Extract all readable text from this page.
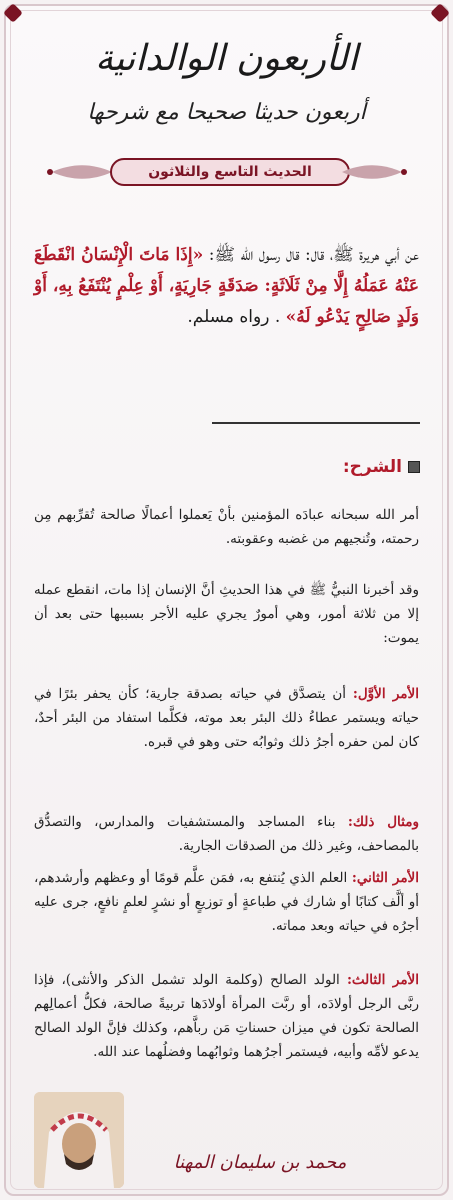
الأربعون الوالدانية
أربعون حديثا صحيحا مع شرحها
الحديث التاسع والثلاثون
عن أبي هريرة ﷺ، قال: قال رسول الله ﷺ: «إِذَا مَاتَ الْإِنْسَانُ انْقَطَعَ عَنْهُ عَمَلُهُ إِلَّا مِنْ ثَلَاثَةٍ: صَدَقَةٍ جَارِيَةٍ، أَوْ عِلْمٍ يُنْتَفَعُ بِهِ، أَوْ وَلَدٍ صَالِحٍ يَدْعُو لَهُ» . رواه مسلم.
الشرح:
أمر الله سبحانه عبادَه المؤمنين بأنْ يَعملوا أعمالًا صالحة تُقرِّبهم مِن رحمته، وتُنجيهم من غضبه وعقوبته.
وقد أخبرنا النبيُّ ﷺ في هذا الحديثِ أنَّ الإنسان إذا مات، انقطع عمله إلا من ثلاثة أمور، وهي أمورٌ يجري عليه الأجر بسببها حتى بعد أن يموت:
الأمر الأوَّل: أن يتصدَّق في حياته بصدقة جارية؛ كأن يحفر بئرًا في حياته ويستمر عطاءُ ذلك البئر بعد موته، فكلَّما استفاد من البئر أحدٌ، كان لمن حفره أجرُ ذلك وثوابُه حتى وهو في قبره.
ومثال ذلك: بناء المساجد والمستشفيات والمدارس، والتصدُّق بالمصاحف، وغير ذلك من الصدقات الجارية.
الأمر الثاني: العلم الذي يُنتفع به، فمَن علَّم قومًا أو وعظهم وأرشدهم، أو ألَّف كتابًا أو شارك في طباعةٍ أو توزيعٍ أو نشرٍ لعلمٍ نافعٍ، جرى عليه أجرُه في حياته وبعد مماته.
الأمر الثالث: الولد الصالح (وكلمة الولد تشمل الذكر والأنثى)، فإذا ربَّى الرجل أولادَه، أو ربَّت المرأة أولادَها تربيةً صالحة، فكلُّ أعمالِهم الصالحة تكون في ميزان حسناتِ مَن رباَّهم، وكذلك فإنَّ الولد الصالح يدعو لأمِّه وأبيه، فيستمر أجرُهما وثوابُهما وفضلُهما عند الله.
محمد بن سليمان المهنا
